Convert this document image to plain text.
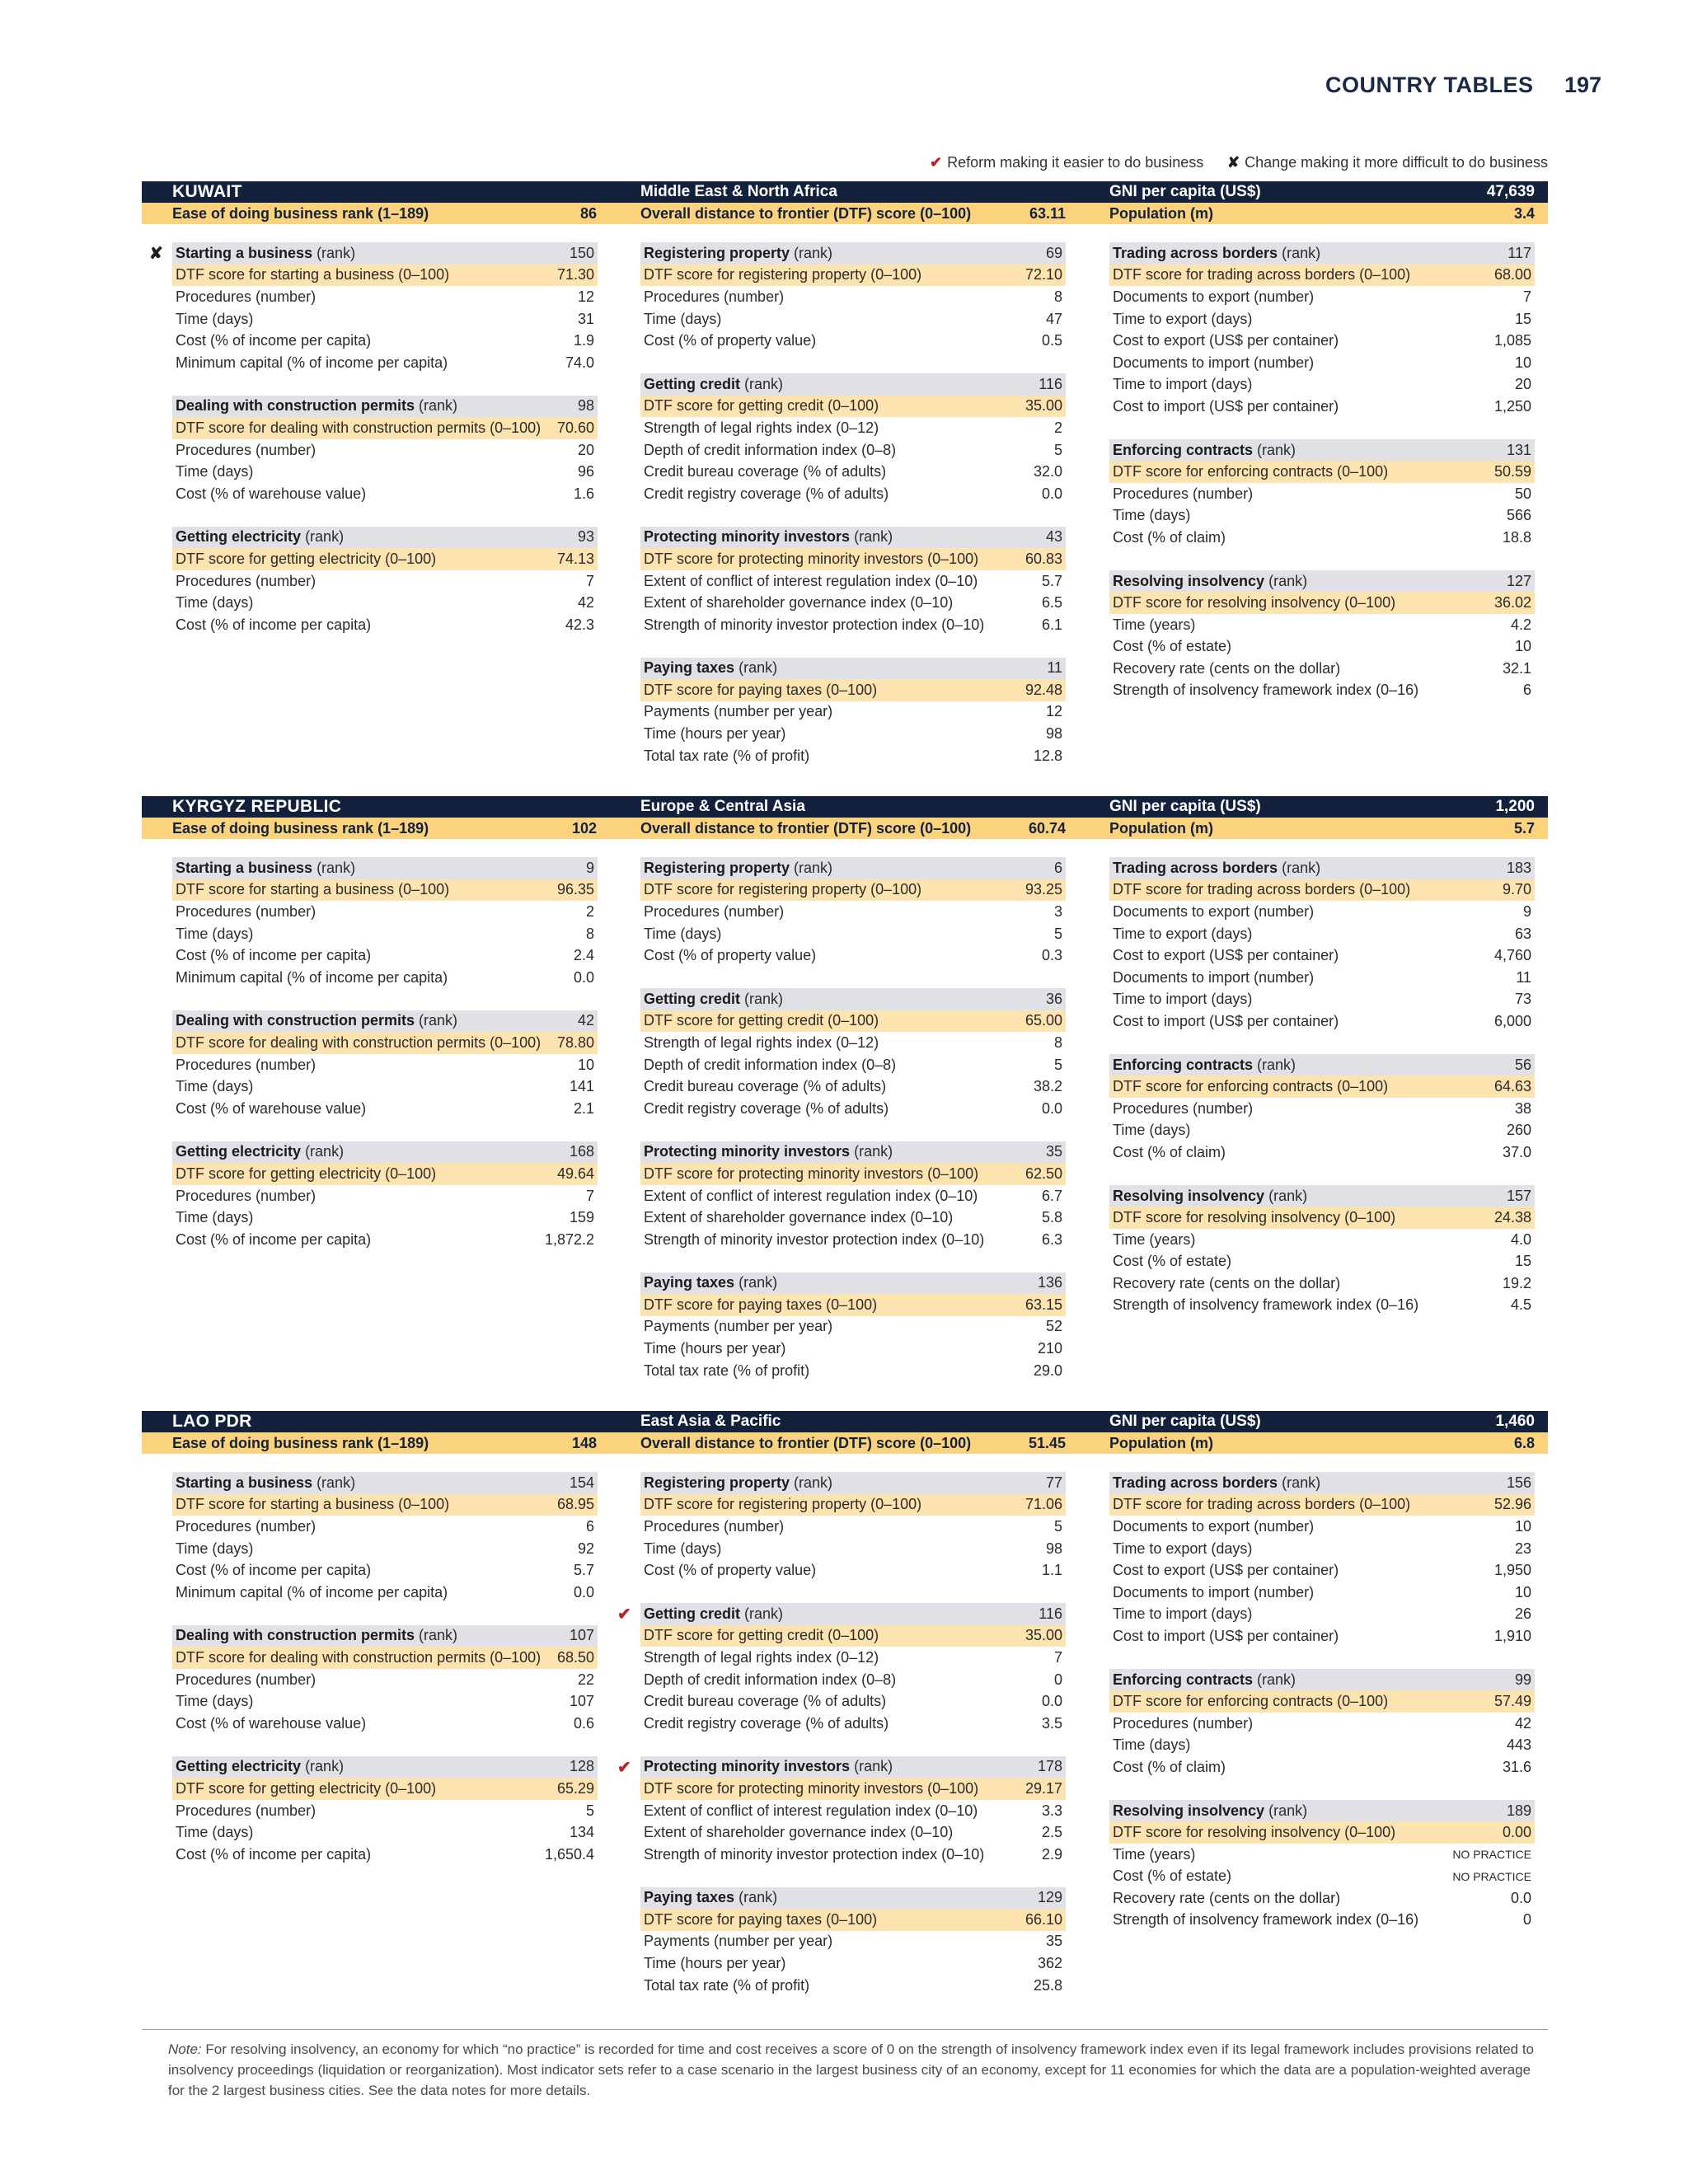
COUNTRY TABLES 197
✔ Reform making it easier to do business ✘ Change making it more difficult to do business
KUWAIT	Middle East & North Africa	GNI per capita (US$)	47,639
Ease of doing business rank (1–189)	86	Overall distance to frontier (DTF) score (0–100)	63.11	Population (m)	3.4
✘ Starting a business (rank)	150
DTF score for starting a business (0–100)	71.30
Procedures (number)	12
Time (days)	31
Cost (% of income per capita)	1.9
Minimum capital (% of income per capita)	74.0
Dealing with construction permits (rank)	98
DTF score for dealing with construction permits (0–100) 70.60
Procedures (number)	20
Time (days)	96
Cost (% of warehouse value)	1.6
Getting electricity (rank)	93
DTF score for getting electricity (0–100)	74.13
Procedures (number)	7
Time (days)	42
Cost (% of income per capita)	42.3
Registering property (rank)	69
DTF score for registering property (0–100)	72.10
Procedures (number)	8
Time (days)	47
Cost (% of property value)	0.5
Getting credit (rank)	116
DTF score for getting credit (0–100)	35.00
Strength of legal rights index (0–12)	2
Depth of credit information index (0–8)	5
Credit bureau coverage (% of adults)	32.0
Credit registry coverage (% of adults)	0.0
Protecting minority investors (rank)	43
DTF score for protecting minority investors (0–100)	60.83
Extent of conflict of interest regulation index (0–10)	5.7
Extent of shareholder governance index (0–10)	6.5
Strength of minority investor protection index (0–10)	6.1
Paying taxes (rank)	11
DTF score for paying taxes (0–100)	92.48
Payments (number per year)	12
Time (hours per year)	98
Total tax rate (% of profit)	12.8
Trading across borders (rank)	117
DTF score for trading across borders (0–100)	68.00
Documents to export (number)	7
Time to export (days)	15
Cost to export (US$ per container)	1,085
Documents to import (number)	10
Time to import (days)	20
Cost to import (US$ per container)	1,250
Enforcing contracts (rank)	131
DTF score for enforcing contracts (0–100)	50.59
Procedures (number)	50
Time (days)	566
Cost (% of claim)	18.8
Resolving insolvency (rank)	127
DTF score for resolving insolvency (0–100)	36.02
Time (years)	4.2
Cost (% of estate)	10
Recovery rate (cents on the dollar)	32.1
Strength of insolvency framework index (0–16)	6
KYRGYZ REPUBLIC	Europe & Central Asia	GNI per capita (US$)	1,200
Ease of doing business rank (1–189)	102	Overall distance to frontier (DTF) score (0–100)	60.74	Population (m)	5.7
Starting a business (rank)	9
DTF score for starting a business (0–100)	96.35
Procedures (number)	2
Time (days)	8
Cost (% of income per capita)	2.4
Minimum capital (% of income per capita)	0.0
Dealing with construction permits (rank)	42
DTF score for dealing with construction permits (0–100) 78.80
Procedures (number)	10
Time (days)	141
Cost (% of warehouse value)	2.1
Getting electricity (rank)	168
DTF score for getting electricity (0–100)	49.64
Procedures (number)	7
Time (days)	159
Cost (% of income per capita)	1,872.2
Registering property (rank)	6
DTF score for registering property (0–100)	93.25
Procedures (number)	3
Time (days)	5
Cost (% of property value)	0.3
Getting credit (rank)	36
DTF score for getting credit (0–100)	65.00
Strength of legal rights index (0–12)	8
Depth of credit information index (0–8)	5
Credit bureau coverage (% of adults)	38.2
Credit registry coverage (% of adults)	0.0
Protecting minority investors (rank)	35
DTF score for protecting minority investors (0–100)	62.50
Extent of conflict of interest regulation index (0–10)	6.7
Extent of shareholder governance index (0–10)	5.8
Strength of minority investor protection index (0–10)	6.3
Paying taxes (rank)	136
DTF score for paying taxes (0–100)	63.15
Payments (number per year)	52
Time (hours per year)	210
Total tax rate (% of profit)	29.0
Trading across borders (rank)	183
DTF score for trading across borders (0–100)	9.70
Documents to export (number)	9
Time to export (days)	63
Cost to export (US$ per container)	4,760
Documents to import (number)	11
Time to import (days)	73
Cost to import (US$ per container)	6,000
Enforcing contracts (rank)	56
DTF score for enforcing contracts (0–100)	64.63
Procedures (number)	38
Time (days)	260
Cost (% of claim)	37.0
Resolving insolvency (rank)	157
DTF score for resolving insolvency (0–100)	24.38
Time (years)	4.0
Cost (% of estate)	15
Recovery rate (cents on the dollar)	19.2
Strength of insolvency framework index (0–16)	4.5
LAO PDR	East Asia & Pacific	GNI per capita (US$)	1,460
Ease of doing business rank (1–189)	148	Overall distance to frontier (DTF) score (0–100)	51.45	Population (m)	6.8
Starting a business (rank)	154
DTF score for starting a business (0–100)	68.95
Procedures (number)	6
Time (days)	92
Cost (% of income per capita)	5.7
Minimum capital (% of income per capita)	0.0
Dealing with construction permits (rank)	107
DTF score for dealing with construction permits (0–100) 68.50
Procedures (number)	22
Time (days)	107
Cost (% of warehouse value)	0.6
Getting electricity (rank)	128
DTF score for getting electricity (0–100)	65.29
Procedures (number)	5
Time (days)	134
Cost (% of income per capita)	1,650.4
Registering property (rank)	77
DTF score for registering property (0–100)	71.06
Procedures (number)	5
Time (days)	98
Cost (% of property value)	1.1
✔ Getting credit (rank)	116
DTF score for getting credit (0–100)	35.00
Strength of legal rights index (0–12)	7
Depth of credit information index (0–8)	0
Credit bureau coverage (% of adults)	0.0
Credit registry coverage (% of adults)	3.5
✔ Protecting minority investors (rank)	178
DTF score for protecting minority investors (0–100)	29.17
Extent of conflict of interest regulation index (0–10)	3.3
Extent of shareholder governance index (0–10)	2.5
Strength of minority investor protection index (0–10)	2.9
Paying taxes (rank)	129
DTF score for paying taxes (0–100)	66.10
Payments (number per year)	35
Time (hours per year)	362
Total tax rate (% of profit)	25.8
Trading across borders (rank)	156
DTF score for trading across borders (0–100)	52.96
Documents to export (number)	10
Time to export (days)	23
Cost to export (US$ per container)	1,950
Documents to import (number)	10
Time to import (days)	26
Cost to import (US$ per container)	1,910
Enforcing contracts (rank)	99
DTF score for enforcing contracts (0–100)	57.49
Procedures (number)	42
Time (days)	443
Cost (% of claim)	31.6
Resolving insolvency (rank)	189
DTF score for resolving insolvency (0–100)	0.00
Time (years)	NO PRACTICE
Cost (% of estate)	NO PRACTICE
Recovery rate (cents on the dollar)	0.0
Strength of insolvency framework index (0–16)	0
Note: For resolving insolvency, an economy for which “no practice” is recorded for time and cost receives a score of 0 on the strength of insolvency framework index even if its legal framework includes provisions related to insolvency proceedings (liquidation or reorganization). Most indicator sets refer to a case scenario in the largest business city of an economy, except for 11 economies for which the data are a population-weighted average for the 2 largest business cities. See the data notes for more details.
